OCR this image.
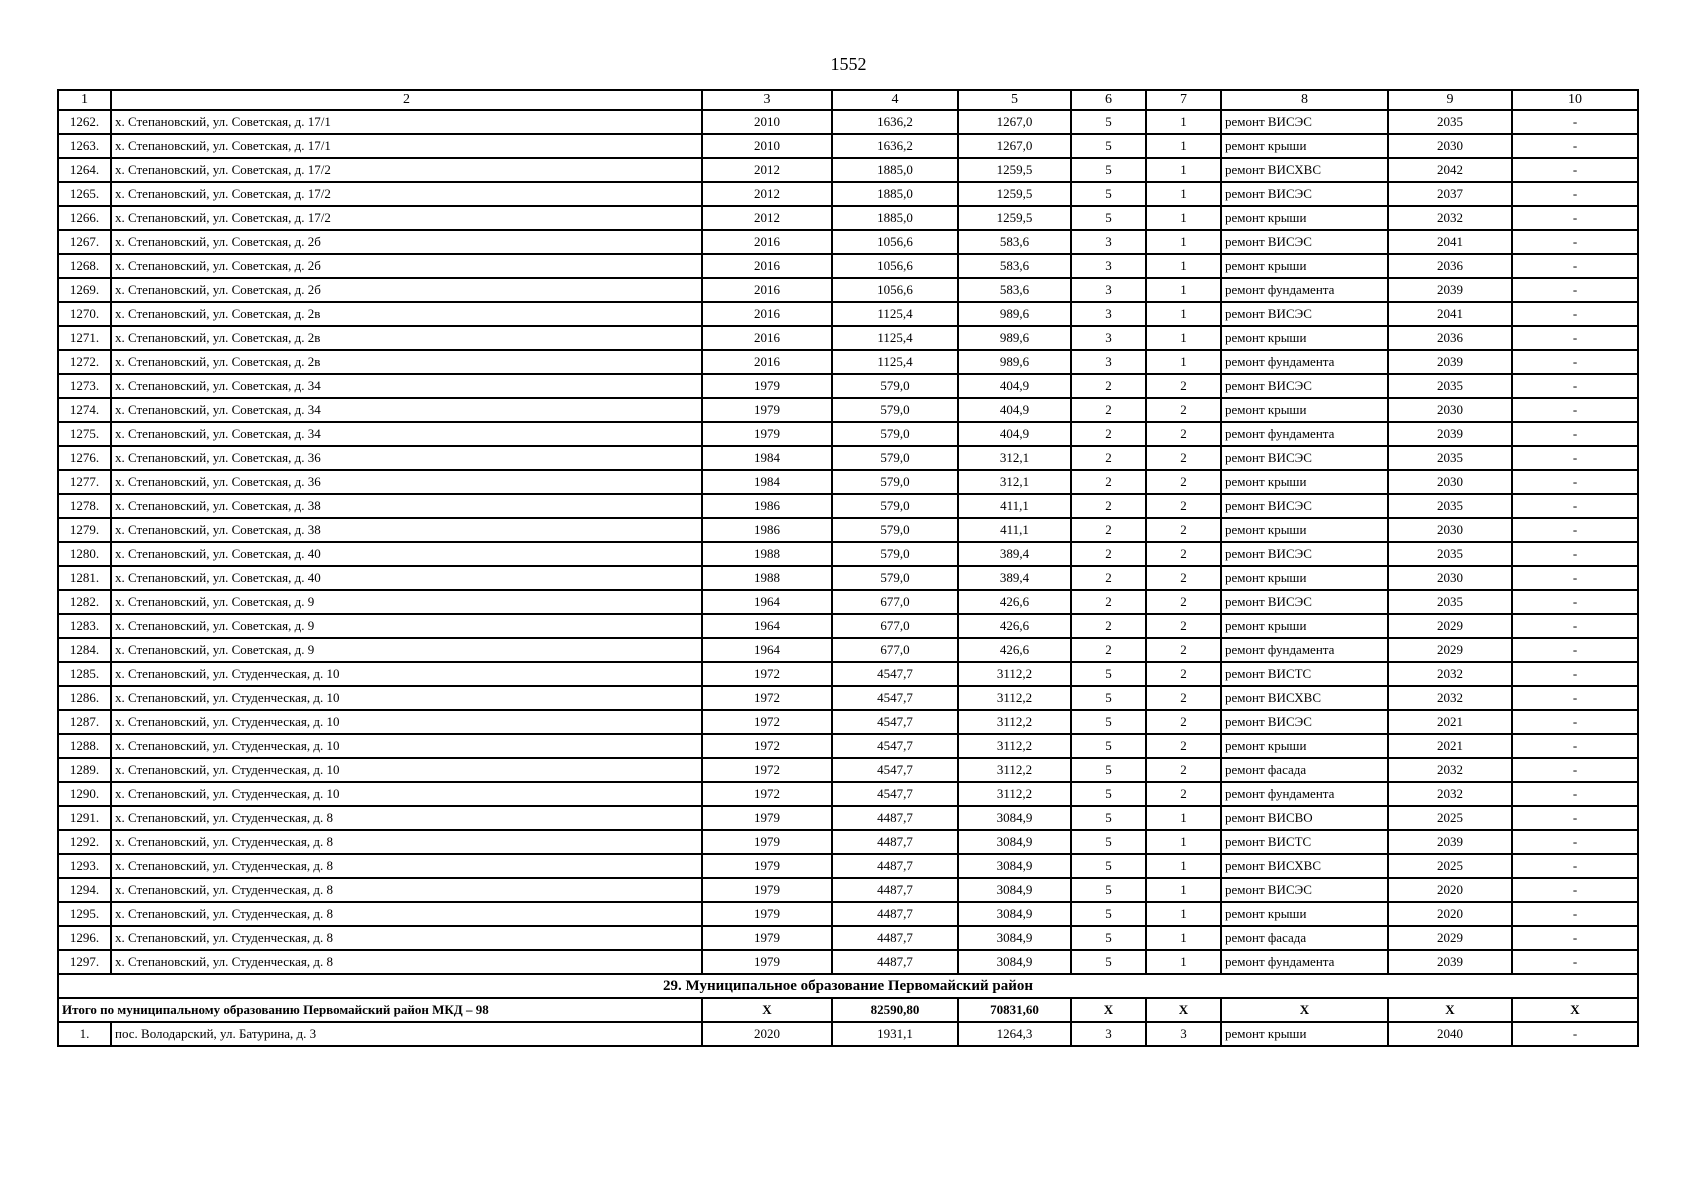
1552
1	2	3	4	5	6	7	8	9	10
1262.	х. Степановский, ул. Советская, д. 17/1	2010	1636,2	1267,0	5	1	ремонт ВИСЭС	2035	-
1263.	х. Степановский, ул. Советская, д. 17/1	2010	1636,2	1267,0	5	1	ремонт крыши	2030	-
1264.	х. Степановский, ул. Советская, д. 17/2	2012	1885,0	1259,5	5	1	ремонт ВИСХВС	2042	-
1265.	х. Степановский, ул. Советская, д. 17/2	2012	1885,0	1259,5	5	1	ремонт ВИСЭС	2037	-
1266.	х. Степановский, ул. Советская, д. 17/2	2012	1885,0	1259,5	5	1	ремонт крыши	2032	-
1267.	х. Степановский, ул. Советская, д. 2б	2016	1056,6	583,6	3	1	ремонт ВИСЭС	2041	-
1268.	х. Степановский, ул. Советская, д. 2б	2016	1056,6	583,6	3	1	ремонт крыши	2036	-
1269.	х. Степановский, ул. Советская, д. 2б	2016	1056,6	583,6	3	1	ремонт фундамента	2039	-
1270.	х. Степановский, ул. Советская, д. 2в	2016	1125,4	989,6	3	1	ремонт ВИСЭС	2041	-
1271.	х. Степановский, ул. Советская, д. 2в	2016	1125,4	989,6	3	1	ремонт крыши	2036	-
1272.	х. Степановский, ул. Советская, д. 2в	2016	1125,4	989,6	3	1	ремонт фундамента	2039	-
1273.	х. Степановский, ул. Советская, д. 34	1979	579,0	404,9	2	2	ремонт ВИСЭС	2035	-
1274.	х. Степановский, ул. Советская, д. 34	1979	579,0	404,9	2	2	ремонт крыши	2030	-
1275.	х. Степановский, ул. Советская, д. 34	1979	579,0	404,9	2	2	ремонт фундамента	2039	-
1276.	х. Степановский, ул. Советская, д. 36	1984	579,0	312,1	2	2	ремонт ВИСЭС	2035	-
1277.	х. Степановский, ул. Советская, д. 36	1984	579,0	312,1	2	2	ремонт крыши	2030	-
1278.	х. Степановский, ул. Советская, д. 38	1986	579,0	411,1	2	2	ремонт ВИСЭС	2035	-
1279.	х. Степановский, ул. Советская, д. 38	1986	579,0	411,1	2	2	ремонт крыши	2030	-
1280.	х. Степановский, ул. Советская, д. 40	1988	579,0	389,4	2	2	ремонт ВИСЭС	2035	-
1281.	х. Степановский, ул. Советская, д. 40	1988	579,0	389,4	2	2	ремонт крыши	2030	-
1282.	х. Степановский, ул. Советская, д. 9	1964	677,0	426,6	2	2	ремонт ВИСЭС	2035	-
1283.	х. Степановский, ул. Советская, д. 9	1964	677,0	426,6	2	2	ремонт крыши	2029	-
1284.	х. Степановский, ул. Советская, д. 9	1964	677,0	426,6	2	2	ремонт фундамента	2029	-
1285.	х. Степановский, ул. Студенческая, д. 10	1972	4547,7	3112,2	5	2	ремонт ВИСТС	2032	-
1286.	х. Степановский, ул. Студенческая, д. 10	1972	4547,7	3112,2	5	2	ремонт ВИСХВС	2032	-
1287.	х. Степановский, ул. Студенческая, д. 10	1972	4547,7	3112,2	5	2	ремонт ВИСЭС	2021	-
1288.	х. Степановский, ул. Студенческая, д. 10	1972	4547,7	3112,2	5	2	ремонт крыши	2021	-
1289.	х. Степановский, ул. Студенческая, д. 10	1972	4547,7	3112,2	5	2	ремонт фасада	2032	-
1290.	х. Степановский, ул. Студенческая, д. 10	1972	4547,7	3112,2	5	2	ремонт фундамента	2032	-
1291.	х. Степановский, ул. Студенческая, д. 8	1979	4487,7	3084,9	5	1	ремонт ВИСВО	2025	-
1292.	х. Степановский, ул. Студенческая, д. 8	1979	4487,7	3084,9	5	1	ремонт ВИСТС	2039	-
1293.	х. Степановский, ул. Студенческая, д. 8	1979	4487,7	3084,9	5	1	ремонт ВИСХВС	2025	-
1294.	х. Степановский, ул. Студенческая, д. 8	1979	4487,7	3084,9	5	1	ремонт ВИСЭС	2020	-
1295.	х. Степановский, ул. Студенческая, д. 8	1979	4487,7	3084,9	5	1	ремонт крыши	2020	-
1296.	х. Степановский, ул. Студенческая, д. 8	1979	4487,7	3084,9	5	1	ремонт фасада	2029	-
1297.	х. Степановский, ул. Студенческая, д. 8	1979	4487,7	3084,9	5	1	ремонт фундамента	2039	-
29. Муниципальное образование Первомайский район									
Итого по муниципальному образованию Первомайский район МКД – 98		X	82590,80	70831,60	X	X	X	X	X
1.	пос. Володарский, ул. Батурина, д. 3	2020	1931,1	1264,3	3	3	ремонт крыши	2040	-
